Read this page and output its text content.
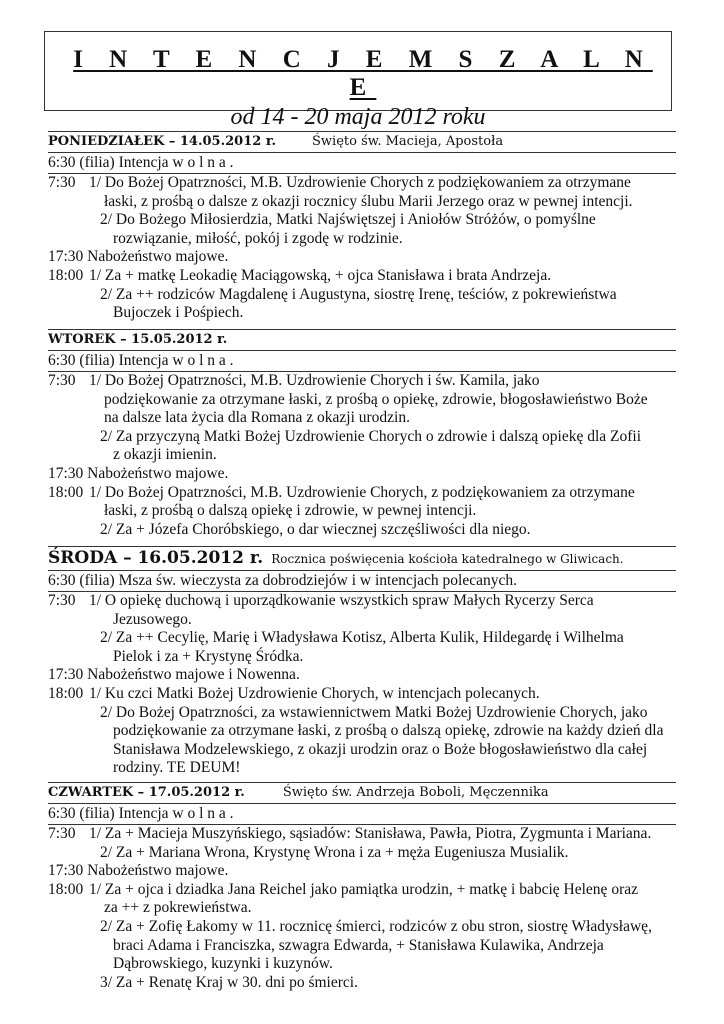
I N T E N C J E M S Z A L N E
od 14 - 20 maja 2012 roku
PONIEDZIAŁEK – 14.05.2012 r.	Święto św. Macieja, Apostoła
6:30 (filia) Intencja w o l n a .
7:30 1/ Do Bożej Opatrzności, M.B. Uzdrowienie Chorych z podziękowaniem za otrzymane
łaski, z prośbą o dalsze z okazji rocznicy ślubu Marii Jerzego oraz w pewnej intencji.
2/ Do Bożego Miłosierdzia, Matki Najświętszej i Aniołów Stróżów, o pomyślne
rozwiązanie, miłość, pokój i zgodę w rodzinie.
17:30 Nabożeństwo majowe.
18:00 1/ Za + matkę Leokadię Maciągowską, + ojca Stanisława i brata Andrzeja.
2/ Za ++ rodziców Magdalenę i Augustyna, siostrę Irenę, teściów, z pokrewieństwa
Bujoczek i Pośpiech.
WTOREK – 15.05.2012 r.
6:30 (filia) Intencja w o l n a .
7:30 1/ Do Bożej Opatrzności, M.B. Uzdrowienie Chorych i św. Kamila, jako
podziękowanie za otrzymane łaski, z prośbą o opiekę, zdrowie, błogosławieństwo Boże
na dalsze lata życia dla Romana z okazji urodzin.
2/ Za przyczyną Matki Bożej Uzdrowienie Chorych o zdrowie i dalszą opiekę dla Zofii
z okazji imienin.
17:30 Nabożeństwo majowe.
18:00 1/ Do Bożej Opatrzności, M.B. Uzdrowienie Chorych, z podziękowaniem za otrzymane
łaski, z prośbą o dalszą opiekę i zdrowie, w pewnej intencji.
2/ Za + Józefa Choróbskiego, o dar wiecznej szczęśliwości dla niego.
ŚRODA – 16.05.2012 r. Rocznica poświęcenia kościoła katedralnego w Gliwicach.
6:30 (filia) Msza św. wieczysta za dobrodziejów i w intencjach polecanych.
7:30 1/ O opiekę duchową i uporządkowanie wszystkich spraw Małych Rycerzy Serca
Jezusowego.
2/ Za ++ Cecylię, Marię i Władysława Kotisz, Alberta Kulik, Hildegardę i Wilhelma
Pielok i za + Krystynę Śródka.
17:30 Nabożeństwo majowe i Nowenna.
18:00 1/ Ku czci Matki Bożej Uzdrowienie Chorych, w intencjach polecanych.
2/ Do Bożej Opatrzności, za wstawiennictwem Matki Bożej Uzdrowienie Chorych, jako
podziękowanie za otrzymane łaski, z prośbą o dalszą opiekę, zdrowie na każdy dzień dla
Stanisława Modzelewskiego, z okazji urodzin oraz o Boże błogosławieństwo dla całej
rodziny. TE DEUM!
CZWARTEK – 17.05.2012 r.	Święto św. Andrzeja Boboli, Męczennika
6:30 (filia) Intencja w o l n a .
7:30 1/ Za + Macieja Muszyńskiego, sąsiadów: Stanisława, Pawła, Piotra, Zygmunta i Mariana.
2/ Za + Mariana Wrona, Krystynę Wrona i za + męża Eugeniusza Musialik.
17:30 Nabożeństwo majowe.
18:00 1/ Za + ojca i dziadka Jana Reichel jako pamiątka urodzin, + matkę i babcię Helenę oraz
za ++ z pokrewieństwa.
2/ Za + Zofię Łakomy w 11. rocznicę śmierci, rodziców z obu stron, siostrę Władysławę,
braci Adama i Franciszka, szwagra Edwarda, + Stanisława Kulawika, Andrzeja
Dąbrowskiego, kuzynki i kuzynów.
3/ Za + Renatę Kraj w 30. dni po śmierci.
